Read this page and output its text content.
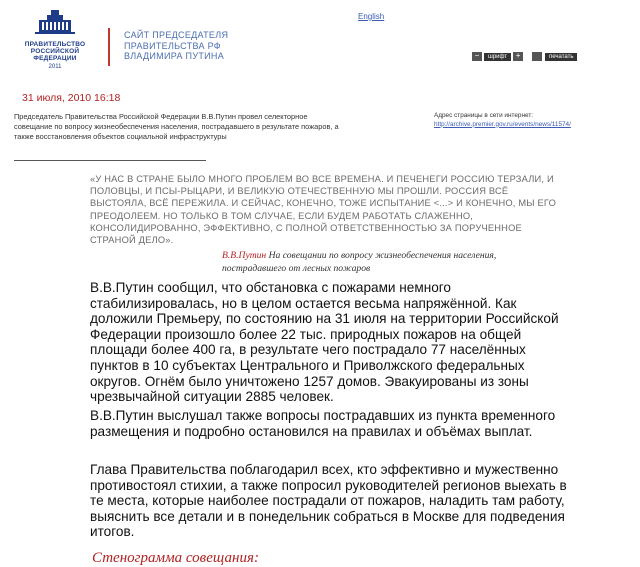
ПРАВИТЕЛЬСТВО
РОССИЙСКОЙ
ФЕДЕРАЦИИ
2011
САЙТ ПРЕДСЕДАТЕЛЯ
ПРАВИТЕЛЬСТВА РФ
ВЛАДИМИРА ПУТИНА
English
−	шрифт	+	печатать
31 июля, 2010 16:18
Председатель Правительства Российской Федерации В.В.Путин провел селекторное совещание по вопросу жизнеобеспечения населения, пострадавшего в результате пожаров, а также восстановления объектов социальной инфраструктуры
Адрес страницы в сети интернет:
http://archive.premier.gov.ru/events/news/11574/
«У НАС В СТРАНЕ БЫЛО МНОГО ПРОБЛЕМ ВО ВСЕ ВРЕМЕНА. И ПЕЧЕНЕГИ РОССИЮ ТЕРЗАЛИ, И ПОЛОВЦЫ, И ПСЫ-РЫЦАРИ, И ВЕЛИКУЮ ОТЕЧЕСТВЕННУЮ МЫ ПРОШЛИ. РОССИЯ ВСЁ ВЫСТОЯЛА, ВСЁ ПЕРЕЖИЛА. И СЕЙЧАС, КОНЕЧНО, ТОЖЕ ИСПЫТАНИЕ <...> И КОНЕЧНО, МЫ ЕГО ПРЕОДОЛЕЕМ. НО ТОЛЬКО В ТОМ СЛУЧАЕ, ЕСЛИ БУДЕМ РАБОТАТЬ СЛАЖЕННО, КОНСОЛИДИРОВАННО, ЭФФЕКТИВНО, С ПОЛНОЙ ОТВЕТСТВЕННОСТЬЮ ЗА ПОРУЧЕННОЕ СТРАНОЙ ДЕЛО».
В.В.Путин На совещании по вопросу жизнеобеспечения населения, пострадавшего от лесных пожаров

В.В.Путин сообщил, что обстановка с пожарами немного стабилизировалась, но в целом остается весьма напряжённой. Как доложили Премьеру, по состоянию на 31 июля на территории Российской Федерации произошло более 22 тыс. природных пожаров на общей площади более 400 га, в результате чего пострадало 77 населённых пунктов в 10 субъектах Центрального и Приволжского федеральных округов. Огнём было уничтожено 1257 домов. Эвакуированы из зоны чрезвычайной ситуации 2885 человек.

В.В.Путин выслушал также вопросы пострадавших из пункта временного размещения и подробно остановился на правилах и объёмах выплат.

Глава Правительства поблагодарил всех, кто эффективно и мужественно противостоял стихии, а также попросил руководителей регионов выехать в те места, которые наиболее пострадали от пожаров, наладить там работу, выяснить все детали и в понедельник собраться в Москве для подведения итогов.

Стенограмма совещания:
